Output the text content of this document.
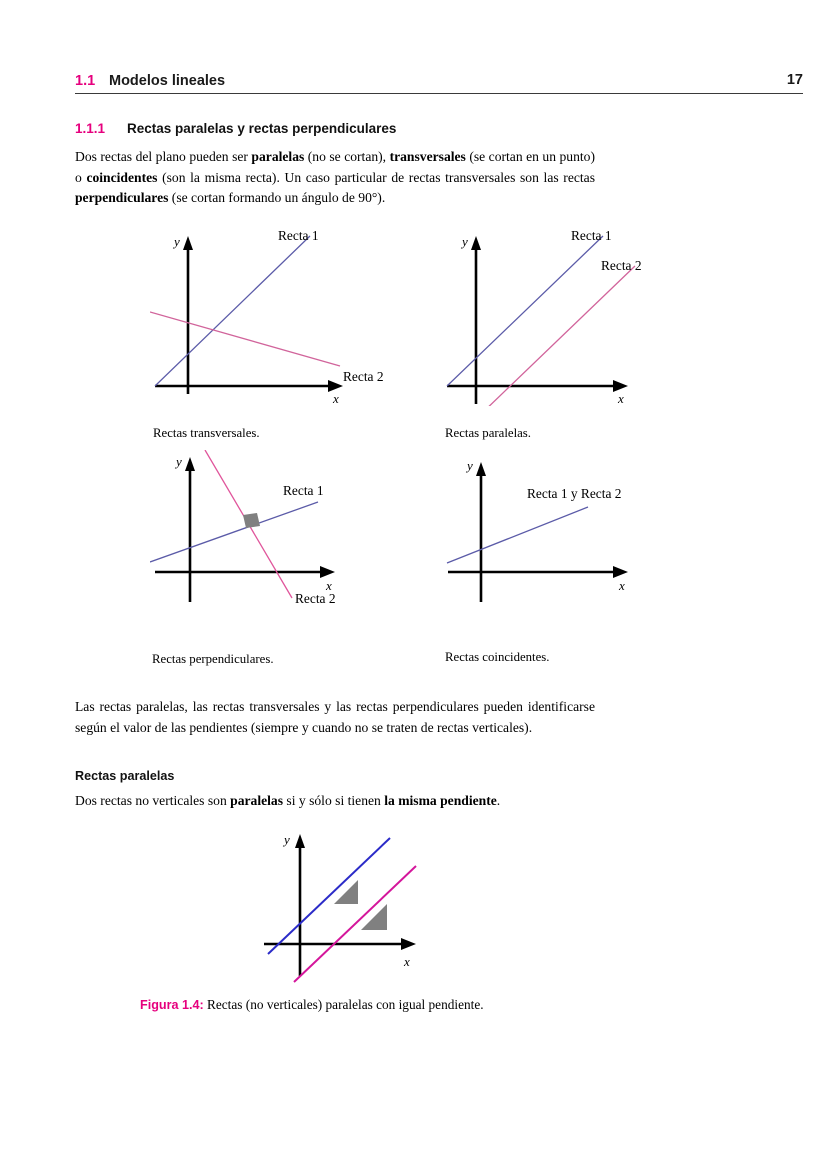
1.1 Modelos lineales	17
1.1.1 Rectas paralelas y rectas perpendiculares
Dos rectas del plano pueden ser paralelas (no se cortan), transversales (se cortan en un punto) o coincidentes (son la misma recta). Un caso particular de rectas transversales son las rectas perpendiculares (se cortan formando un ángulo de 90°).
y
x
Recta 1
Recta 2
Rectas transversales.
y
x
Recta 1
Recta 2
Rectas paralelas.
y
x
Recta 1
Recta 2
Rectas perpendiculares.
y
x
Recta 1 y Recta 2
Rectas coincidentes.
Las rectas paralelas, las rectas transversales y las rectas perpendiculares pueden identificarse según el valor de las pendientes (siempre y cuando no se traten de rectas verticales).
Rectas paralelas
Dos rectas no verticales son paralelas si y sólo si tienen la misma pendiente.
y
x
Figura 1.4: Rectas (no verticales) paralelas con igual pendiente.
